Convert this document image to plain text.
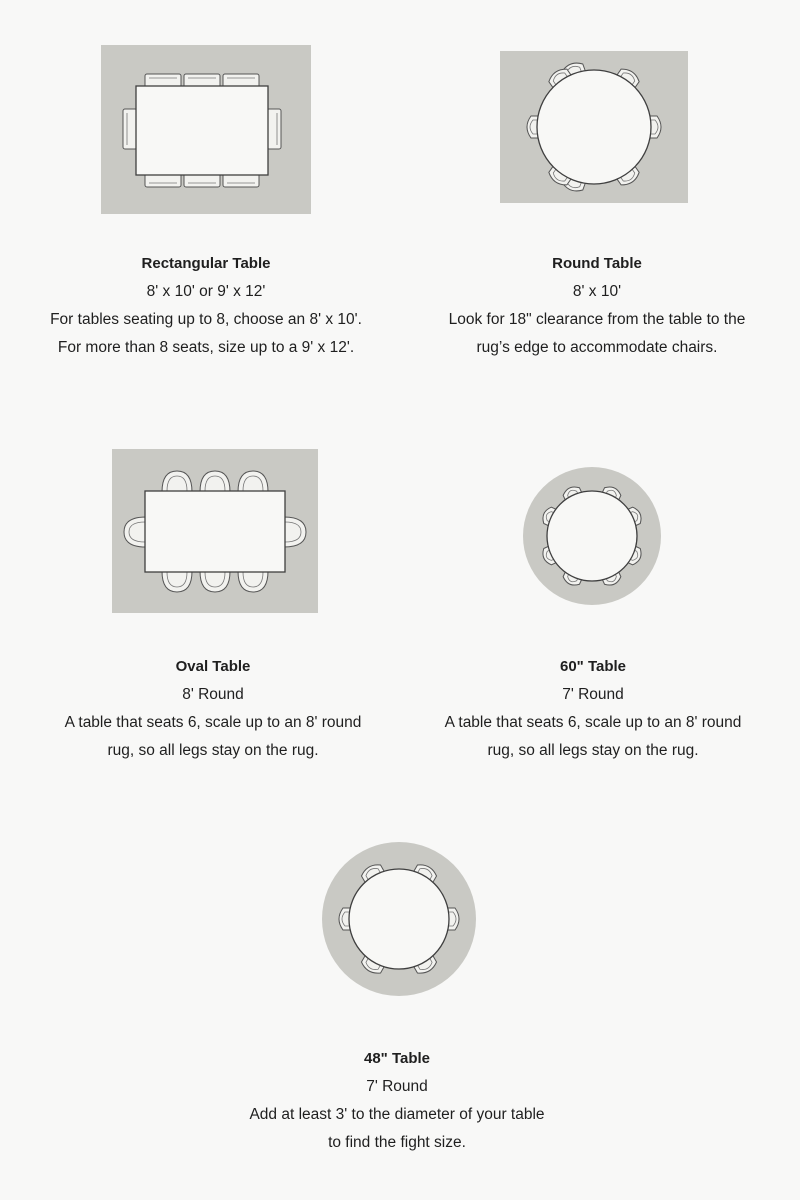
Rectangular Table
8' x 10' or 9' x 12'
For tables seating up to 8, choose an 8' x 10'.
For more than 8 seats, size up to a 9' x 12'.
Round Table
8' x 10'
Look for 18" clearance from the table to the
rug’s edge to accommodate chairs.
Oval Table
8' Round
A table that seats 6, scale up to an 8' round
rug, so all legs stay on the rug.
60" Table
7' Round
A table that seats 6, scale up to an 8' round
rug, so all legs stay on the rug.
48" Table
7' Round
Add at least 3' to the diameter of your table
to find the fight size.
